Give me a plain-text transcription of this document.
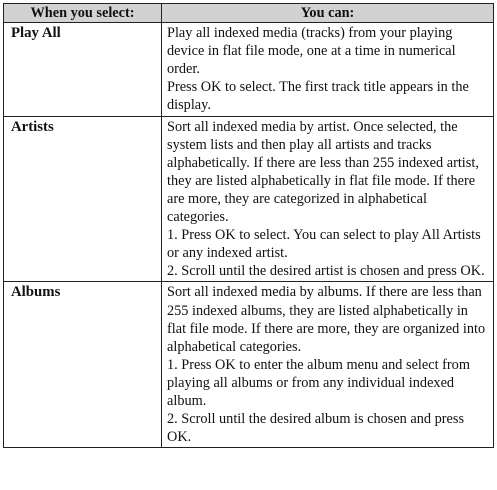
When you select:	You can:
Play All	Play all indexed media (tracks) from your playing device in flat file mode, one at a time in numerical order.
Press OK to select. The first track title appears in the display.

Artists	Sort all indexed media by artist. Once selected, the system lists and then play all artists and tracks alphabetically. If there are less than 255 indexed artist, they are listed alphabetically in flat file mode. If there are more, they are categorized in alphabetical categories.
1. Press OK to select. You can select to play All Artists or any indexed artist.
2. Scroll until the desired artist is chosen and press OK.

Albums	Sort all indexed media by albums. If there are less than 255 indexed albums, they are listed alphabetically in flat file mode. If there are more, they are organized into alphabetical categories.
1. Press OK to enter the album menu and select from playing all albums or from any individual indexed album.
2. Scroll until the desired album is chosen and press OK.
